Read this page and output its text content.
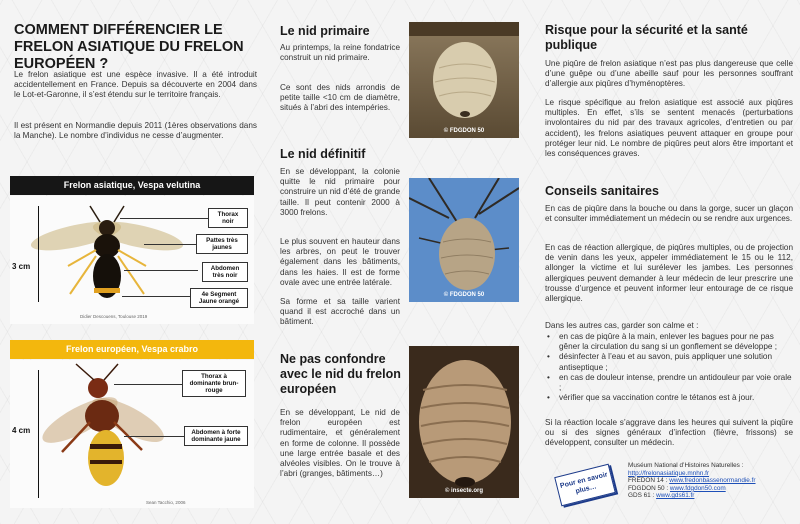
COMMENT DIFFÉRENCIER LE FRELON ASIATIQUE DU FRELON EUROPÉEN ?

Le frelon asiatique est une espèce invasive. Il a été introduit accidentellement en France. Depuis sa découverte en 2004 dans le Lot-et-Garonne, il s’est étendu sur le territoire français.

Il est présent en Normandie depuis 2011 (1ères observations dans la Manche). Le nombre d’individus ne cesse d’augmenter.

Frelon asiatique, Vespa velutina
3 cm
Thorax noir
Pattes très jaunes
Abdomen très noir
4e Segment Jaune orangé
Didier Descouens, Toulouse 2019
Frelon européen, Vespa crabro
4 cm
Thorax à dominante brun-rouge
Abdomen à forte dominante jaune
Sean Tacchio, 2006
Le nid primaire

Au printemps, la reine fondatrice construit un nid primaire.

Ce sont des nids arrondis de petite taille <10 cm de diamètre, situés à l’abri des intempéries.

Le nid définitif

En se développant, la colonie quitte le nid primaire pour construire un nid d’été de grande taille. Il peut contenir 2000 à 3000 frelons.

Le plus souvent en hauteur dans les arbres, on peut le trouver également dans les bâtiments, dans les haies. Il est de forme ovale avec une entrée latérale.

Sa forme et sa taille varient quand il est accroché dans un bâtiment.

Ne pas confondre avec le nid du frelon européen

En se développant, Le nid de frelon européen est rudimentaire, et généralement en forme de colonne. Il possède une large entrée basale et des alvéoles visibles. On le trouve à l’abri (granges, bâtiments…)

© FDGDON 50
© FDGDON 50
© insecte.org
Risque pour la sécurité et la santé publique

Une piqûre de frelon asiatique n’est pas plus dangereuse que celle d’une guêpe ou d’une abeille sauf pour les personnes souffrant d’allergie aux piqûres d’hyménoptères.

Le risque spécifique au frelon asiatique est associé aux piqûres multiples. En effet, s’ils se sentent menacés (perturbations involontaires du nid par des travaux agricoles, d’entretien ou par accident), les frelons asiatiques peuvent attaquer en groupe pour protéger leur nid. Le nombre de piqûres peut alors être important et les conséquences graves.

Conseils sanitaires

En cas de piqûre dans la bouche ou dans la gorge, sucer un glaçon et consulter immédiatement un médecin ou se rendre aux urgences.

En cas de réaction allergique, de piqûres multiples, ou de projection de venin dans les yeux, appeler immédiatement le 15 ou le 112, allonger la victime et lui surélever les jambes. Les personnes allergiques peuvent demander à leur médecin de leur prescrire une trousse d’urgence et peuvent informer leur entourage de ce risque allergique.

Dans les autres cas, garder son calme et :

• en cas de piqûre à la main, enlever les bagues pour ne pas gêner la circulation du sang si un gonflement se développe ;
• désinfecter à l’eau et au savon, puis appliquer une solution antiseptique ;
• en cas de douleur intense, prendre un antidouleur par voie orale ;
• vérifier que sa vaccination contre le tétanos est à jour.

Si la réaction locale s’aggrave dans les heures qui suivent la piqûre ou si des signes généraux d’infection (fièvre, frissons) se développent, consulter un médecin.

Pour en savoir plus…
Muséum National d’Histoires Naturelles :
http://frelonasiatique.mnhn.fr
FREDON 14 : www.fredonbassenormandie.fr
FDGDON 50 : www.fdgdon50.com
GDS 61 : www.gds61.fr
